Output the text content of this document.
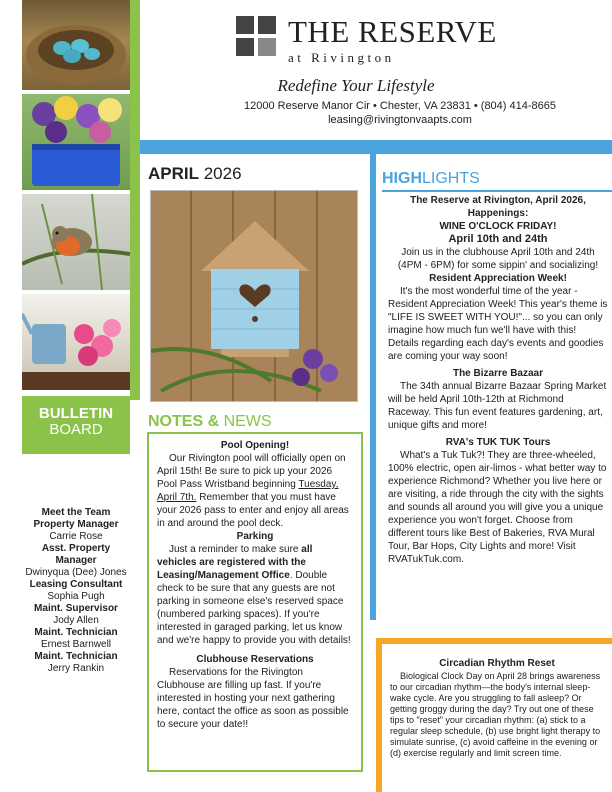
BULLETIN
BOARD
Meet the Team
Property Manager
Carrie Rose
Asst. Property Manager
Dwinyqua (Dee) Jones
Leasing Consultant
Sophia Pugh
Maint. Supervisor
Jody Allen
Maint. Technician
Ernest Barnwell
Maint. Technician
Jerry Rankin
THE RESERVE
at Rivington
Redefine Your Lifestyle
12000 Reserve Manor Cir • Chester, VA 23831 • (804) 414-8665
leasing@rivingtonvaapts.com
APRIL 2026
NOTES & NEWS
Pool Opening!
Our Rivington pool will officially open on April 15th! Be sure to pick up your 2026 Pool Pass Wristband beginning Tuesday, April 7th. Remember that you must have your 2026 pass to enter and enjoy all areas in and around the pool deck.
Parking
Just a reminder to make sure all vehicles are registered with the Leasing/Management Office. Double check to be sure that any guests are not parking in someone else's reserved space (numbered parking spaces). If you're interested in garaged parking, let us know and we're happy to provide you with details!
Clubhouse Reservations
Reservations for the Rivington Clubhouse are filling up fast. If you're interested in hosting your next gathering here, contact the office as soon as possible to secure your date!!
HIGHLIGHTS
The Reserve at Rivington, April 2026, Happenings:
WINE O'CLOCK FRIDAY!
April 10th and 24th
Join us in the clubhouse April 10th and 24th (4PM - 6PM) for some sippin' and socializing!
Resident Appreciation Week!
It's the most wonderful time of the year - Resident Appreciation Week! This year's theme is "LIFE IS SWEET WITH YOU!"... so you can only imagine how much fun we'll have with this! Details regarding each day's events and goodies are coming your way soon!
The Bizarre Bazaar
The 34th annual Bizarre Bazaar Spring Market will be held April 10th-12th at Richmond Raceway. This fun event features gardening, art, unique gifts and more!
RVA's TUK TUK Tours
What's a Tuk Tuk?! They are three-wheeled, 100% electric, open air-limos - what better way to experience Richmond? Whether you live here or are visiting, a ride through the city with the sights and sounds all around you will give you a unique experience you won't forget. Choose from different tours like Best of Bakeries, RVA Mural Tour, Bar Hops, City Lights and more! Visit RVATukTuk.com.
Circadian Rhythm Reset
Biological Clock Day on April 28 brings awareness to our circadian rhythm—the body's internal sleep-wake cycle. Are you struggling to fall asleep? Or getting groggy during the day? Try out one of these tips to "reset" your circadian rhythm: (a) stick to a regular sleep schedule, (b) use bright light therapy to simulate sunrise, (c) avoid caffeine in the evening or (d) exercise regularly and limit screen time.
